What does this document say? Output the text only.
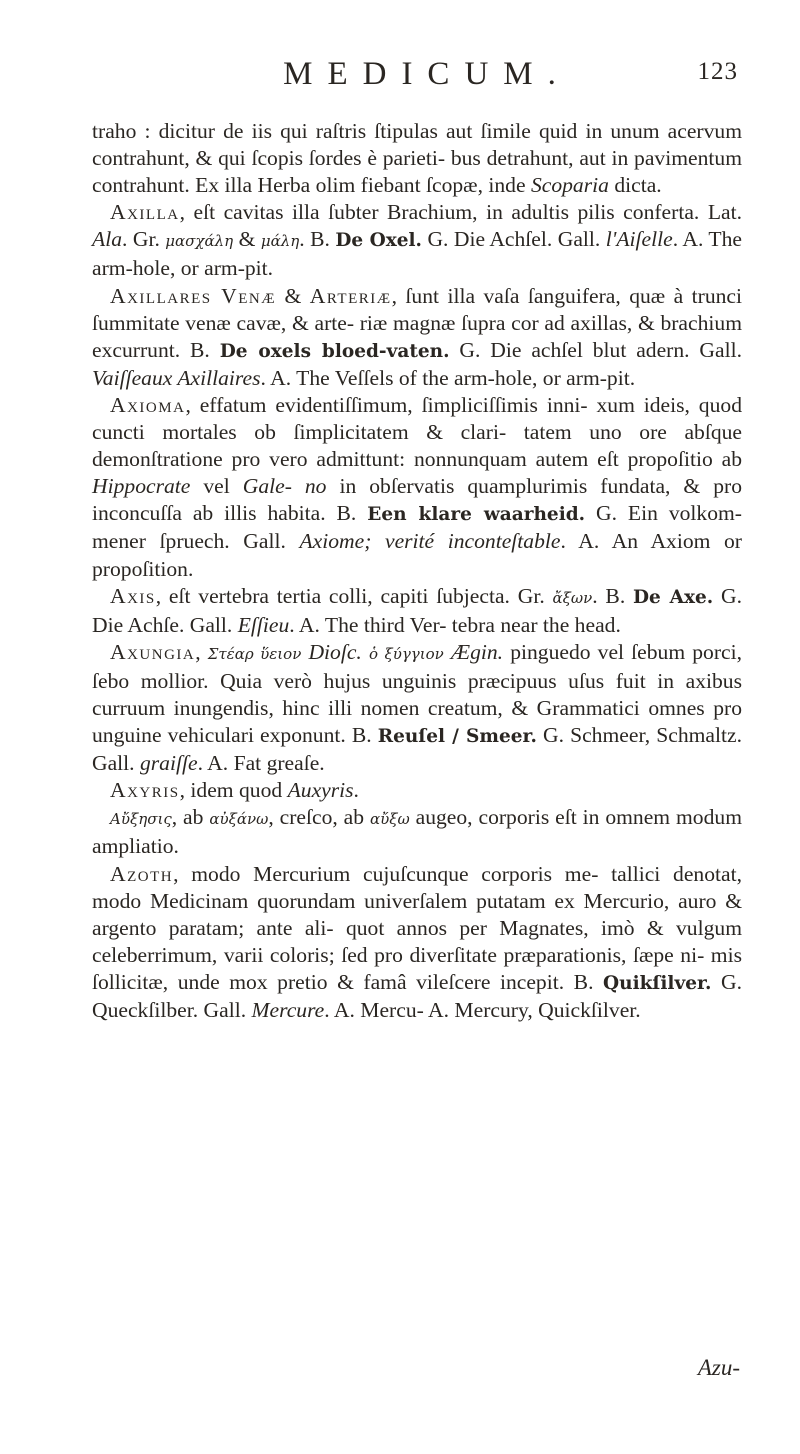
MEDICUM.	123

traho : dicitur de iis qui raſtris ſtipulas aut ſimile quid in unum acervum contrahunt, & qui ſcopis ſordes è parieti- bus detrahunt, aut in pavimentum contrahunt. Ex illa Herba olim fiebant ſcopæ, inde Scoparia dicta.

Axilla, eſt cavitas illa ſubter Brachium, in adultis pilis conferta. Lat. Ala. Gr. μασχάλη & μάλη. B. De Oxel. G. Die Achſel. Gall. l'Aiſelle. A. The arm-hole, or arm-pit.

Axillares Venæ & Arteriæ, ſunt illa vaſa ſanguifera, quæ à trunci ſummitate venæ cavæ, & arte- riæ magnæ ſupra cor ad axillas, & brachium excurrunt. B. De oxels bloed-vaten. G. Die achſel blut adern. Gall. Vaiſſeaux Axillaires. A. The Veſſels of the arm-hole, or arm-pit.

Axioma, effatum evidentiſſimum, ſimpliciſſimis inni- xum ideis, quod cuncti mortales ob ſimplicitatem & clari- tatem uno ore abſque demonſtratione pro vero admittunt: nonnunquam autem eſt propoſitio ab Hippocrate vel Gale- no in obſervatis quamplurimis fundata, & pro inconcuſſa ab illis habita. B. Een klare waarheid. G. Ein volkom- mener ſpruech. Gall. Axiome; verité inconteſtable. A. An Axiom or propoſition.

Axis, eſt vertebra tertia colli, capiti ſubjecta. Gr. ἄξων. B. De Axe. G. Die Achſe. Gall. Eſſieu. A. The third Ver- tebra near the head.

Axungia, Στέαρ ὕειον Dioſc. ὁ ξύγγιον Ægin. pinguedo vel ſebum porci, ſebo mollior. Quia verò hujus unguinis præcipuus uſus fuit in axibus curruum inungendis, hinc illi nomen creatum, & Grammatici omnes pro unguine vehiculari exponunt. B. Reuſel / Smeer. G. Schmeer, Schmaltz. Gall. graiſſe. A. Fat greaſe.

Axyris, idem quod Auxyris.

Αὔξησις, ab αὐξάνω, creſco, ab αὔξω augeo, corporis eſt in omnem modum ampliatio.

Azoth, modo Mercurium cujuſcunque corporis me- tallici denotat, modo Medicinam quorundam univerſalem putatam ex Mercurio, auro & argento paratam; ante ali- quot annos per Magnates, imò & vulgum celeberrimum, varii coloris; ſed pro diverſitate præparationis, ſæpe ni- mis ſollicitæ, unde mox pretio & famâ vileſcere incepit. B. Quikſilver. G. Queckſilber. Gall. Mercure. A. Mercu- A. Mercury, Quickſilver.

Azu-
